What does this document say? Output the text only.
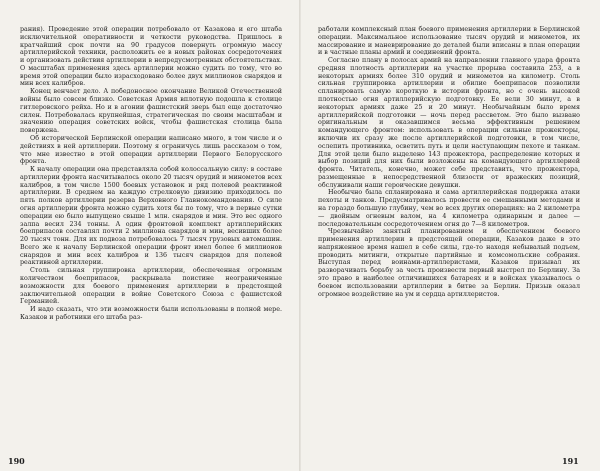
рания). Проведение этой операции потребовало от Казакова и его штаба исключительной оперативности и четкости руководства. Пришлось в кратчайший срок почти на 90 градусов повернуть огромную массу артиллерийской техники, расположить ее в новых районах сосредоточения и организовать действия артиллерии в непредусмотренных обстоятельствах. О масштабах применения здесь артиллерии можно судить по тому, что во время этой операции было израсходовано более двух миллионов снарядов и мин всех калибров.

Конец венчает дело. А победоносное окончание Великой Отечественной войны было совсем близко. Советская Армия вплотную подошла к столице гитлеровского рейха. Но и в агонии фашистский зверь был еще достаточно силен. Потребовалась крупнейшая, стратегическая по своим масштабам и значению операция советских войск, чтобы фашистская столица была повержена.

Об исторической Берлинской операции написано много, в том числе и о действиях в ней артиллерии. Поэтому я ограничусь лишь рассказом о том, что мне известно в этой операции артиллерии Первого Белорусского фронта.

К началу операции она представляла собой колоссальную силу: в составе артиллерии фронта насчитывалось около 20 тысяч орудий и минометов всех калибров, в том числе 1500 боевых установок и ряд полевой реактивной артиллерии. В среднем на каждую стрелковую дивизию приходилось по пять полков артиллерии резерва Верховного Главнокомандования. О силе огня артиллерии фронта можно судить хотя бы по тому, что в первые сутки операции ею было выпущено свыше 1 млн. снарядов и мин. Это вес одного залпа весил 234 тонны. А один фронтовой комплект артиллерийских боеприпасов составлял почти 2 миллиона снарядов и мин, весивших более 20 тысяч тонн. Для их подвоза потребовалось 7 тысяч грузовых автомашин. Всего же к началу Берлинской операции фронт имел более 6 миллионов снарядов и мин всех калибров и 136 тысяч снарядов для полевой реактивной артиллерии.

Столь сильная группировка артиллерии, обеспеченная огромным количеством боеприпасов, раскрывала поистине неограниченные возможности для боевого применения артиллерии в предстоящей заключительной операции в войне Советского Союза с фашистской Германией.

И надо сказать, что эти возможности были использованы в полной мере. Казаков и работники его штаба раз-

190

работали комплексный план боевого применения артиллерии в Берлинской операции. Максимальное использование тысяч орудий и минометов, их массирование и маневрирование до деталей были вписаны в план операции и в частные планы армий и соединений фронта.

Согласно плану в полосах армий на направлении главного удара фронта средняя плотность артиллерии на участке прорыва составила 253, а в некоторых армиях более 310 орудий и минометов на километр. Столь сильная группировка артиллерии и обилие боеприпасов позволили спланировать самую короткую в истории фронта, но с очень высокой плотностью огня артиллерийскую подготовку. Ее вели 30 минут, а в некоторых армиях даже 25 и 20 минут. Необычайным было время артиллерийской подготовки — ночь перед рассветом. Это было вызвано оригинальным и оказавшимся весьма эффективным решением командующего фронтом: использовать в операции сильные прожекторы, включив их сразу же после артиллерийской подготовки, в том числе, ослепить противника, осветить путь и цели наступающим пехоте и танкам. Для этой цели было выделено 143 прожектора, распределение которых и выбор позиций для них были возложены на командующего артиллерией фронта. Читатель, конечно, может себе представить, что прожектора, размещенные в непосредственной близости от вражеских позиций, обслуживали наши героические девушки.

Необычно была спланирована и сама артиллерийская поддержка атаки пехоты и танков. Предусматривалось провести ее смешанными методами и на гораздо большую глубину, чем во всех других операциях: на 2 километра — двойным огневым валом, на 4 километра одинарным и далее — последовательным сосредоточением огня до 7—8 километров.

Чрезвычайно занятый планированием и обеспечением боевого применения артиллерии в предстоящей операции, Казаков даже в это напряженное время нашел в себе силы, где-то находя небывалый подъем, проводить митинги, открытые партийные и комсомольские собрания. Выступая перед воинами-артиллеристами, Казаков призывал их разворачивать борьбу за честь произвести первый выстрел по Берлину. За это право в наиболее отличившихся батареях и в войсках указывалось о боевом использовании артиллерии в битве за Берлин. Призыв оказал огромное воздействие на ум и сердца артиллеристов.

191
